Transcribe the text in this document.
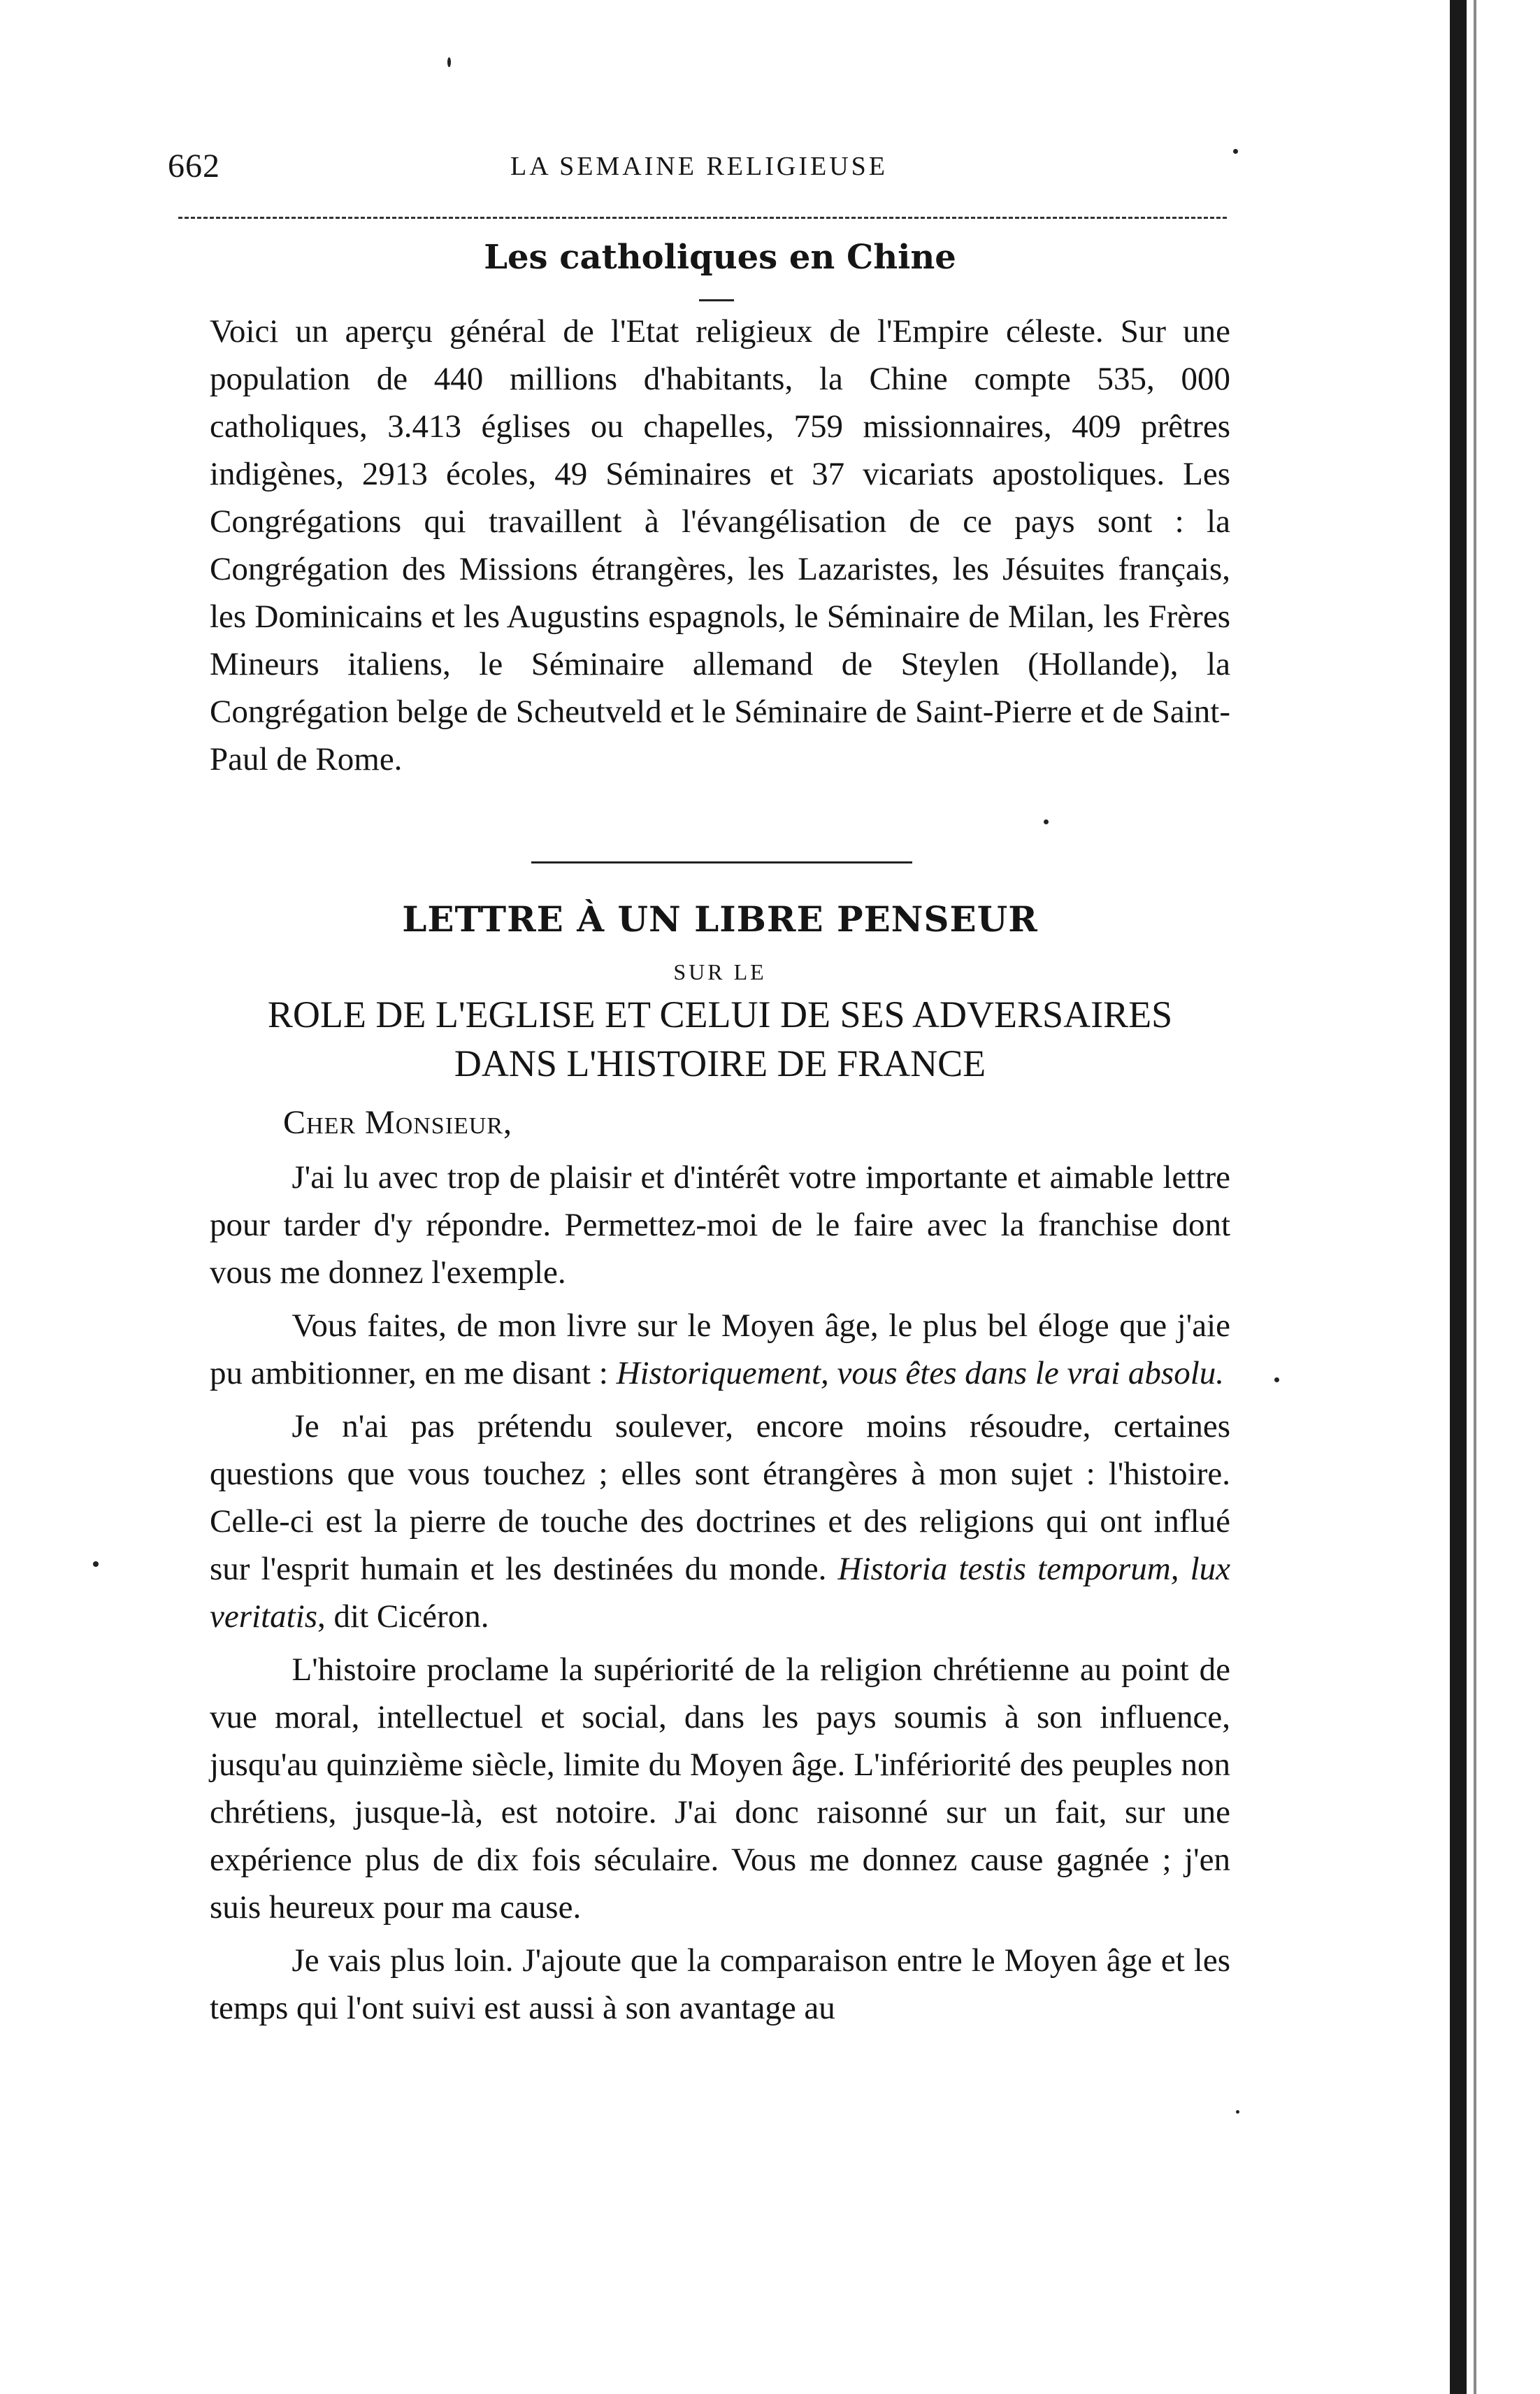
662	LA SEMAINE RELIGIEUSE
Les catholiques en Chine

Voici un aperçu général de l'Etat religieux de l'Empire céleste. Sur une population de 440 millions d'habitants, la Chine compte 535, 000 catholiques, 3.413 églises ou chapelles, 759 missionnaires, 409 prêtres indigènes, 2913 écoles, 49 Séminaires et 37 vicariats apostoliques. Les Congrégations qui travaillent à l'évangélisation de ce pays sont : la Congrégation des Missions étrangères, les Lazaristes, les Jésuites français, les Dominicains et les Augustins espagnols, le Séminaire de Milan, les Frères Mineurs italiens, le Séminaire allemand de Steylen (Hollande), la Congrégation belge de Scheutveld et le Séminaire de Saint-Pierre et de Saint-Paul de Rome.

LETTRE À UN LIBRE PENSEUR
SUR LE
ROLE DE L'EGLISE ET CELUI DE SES ADVERSAIRES
DANS L'HISTOIRE DE FRANCE
Cher Monsieur,

J'ai lu avec trop de plaisir et d'intérêt votre importante et aimable lettre pour tarder d'y répondre. Permettez-moi de le faire avec la franchise dont vous me donnez l'exemple.

Vous faites, de mon livre sur le Moyen âge, le plus bel éloge que j'aie pu ambitionner, en me disant : Historiquement, vous êtes dans le vrai absolu.

Je n'ai pas prétendu soulever, encore moins résoudre, certaines questions que vous touchez ; elles sont étrangères à mon sujet : l'histoire. Celle-ci est la pierre de touche des doctrines et des religions qui ont influé sur l'esprit humain et les destinées du monde. Historia testis temporum, lux veritatis, dit Cicéron.

L'histoire proclame la supériorité de la religion chrétienne au point de vue moral, intellectuel et social, dans les pays soumis à son influence, jusqu'au quinzième siècle, limite du Moyen âge. L'infériorité des peuples non chrétiens, jusque-là, est notoire. J'ai donc raisonné sur un fait, sur une expérience plus de dix fois séculaire. Vous me donnez cause gagnée ; j'en suis heureux pour ma cause.

Je vais plus loin. J'ajoute que la comparaison entre le Moyen âge et les temps qui l'ont suivi est aussi à son avantage au
